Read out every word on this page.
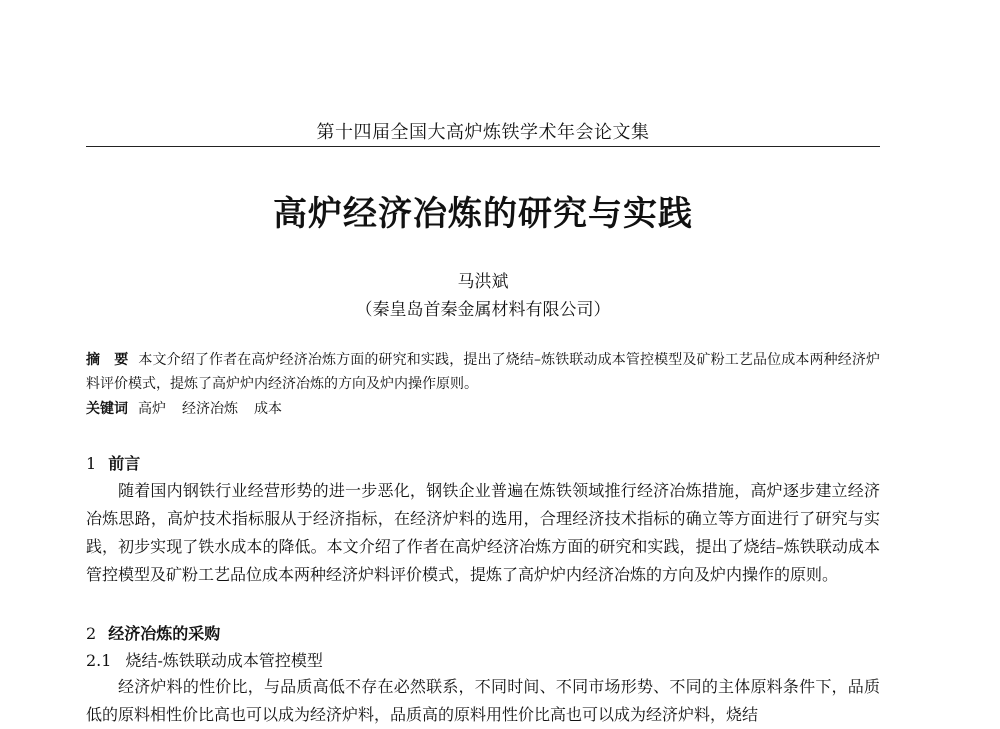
第十四届全国大高炉炼铁学术年会论文集
高炉经济冶炼的研究与实践
马洪斌
（秦皇岛首秦金属材料有限公司）
摘　要 本文介绍了作者在高炉经济冶炼方面的研究和实践，提出了烧结–炼铁联动成本管控模型及矿粉工艺品位成本两种经济炉料评价模式，提炼了高炉炉内经济冶炼的方向及炉内操作原则。
关键词 高炉 经济冶炼 成本
1 前言
随着国内钢铁行业经营形势的进一步恶化，钢铁企业普遍在炼铁领域推行经济冶炼措施，高炉逐步建立经济冶炼思路，高炉技术指标服从于经济指标，在经济炉料的选用，合理经济技术指标的确立等方面进行了研究与实践，初步实现了铁水成本的降低。本文介绍了作者在高炉经济冶炼方面的研究和实践，提出了烧结–炼铁联动成本管控模型及矿粉工艺品位成本两种经济炉料评价模式，提炼了高炉炉内经济冶炼的方向及炉内操作的原则。
2 经济冶炼的采购
2.1 烧结-炼铁联动成本管控模型
经济炉料的性价比，与品质高低不存在必然联系，不同时间、不同市场形势、不同的主体原料条件下，品质低的原料相性价比高也可以成为经济炉料，品质高的原料用性价比高也可以成为经济炉料，烧结
